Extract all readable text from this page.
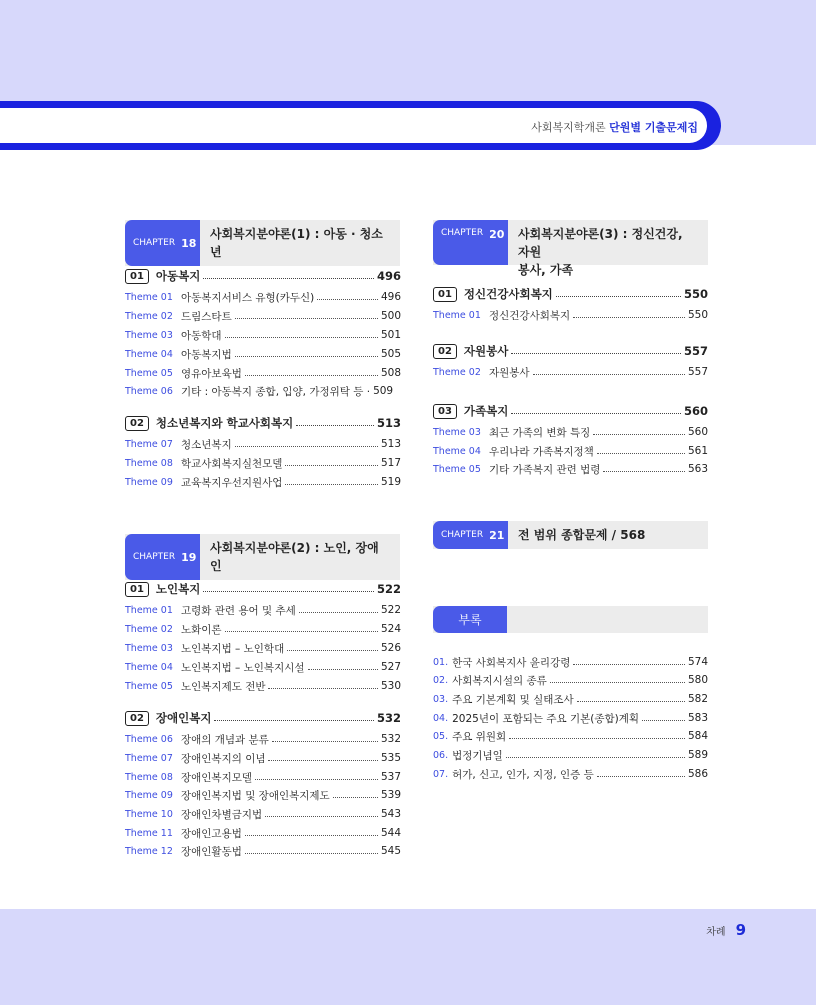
사회복지학개론 단원별 기출문제집
CHAPTER 18
사회복지분야론(1) : 아동 · 청소년
01	아동복지	496
Theme 01 아동복지서비스 유형(카두신)	496
Theme 02 드림스타트	500
Theme 03 아동학대	501
Theme 04 아동복지법	505
Theme 05 영유아보육법	508
Theme 06 기타 : 아동복지 종합, 입양, 가정위탁 등 · 509
02	청소년복지와 학교사회복지	513
Theme 07 청소년복지	513
Theme 08 학교사회복지실천모델	517
Theme 09 교육복지우선지원사업	519
CHAPTER 19
사회복지분야론(2) : 노인, 장애인
01	노인복지	522
Theme 01 고령화 관련 용어 및 추세	522
Theme 02 노화이론	524
Theme 03 노인복지법 – 노인학대	526
Theme 04 노인복지법 – 노인복지시설	527
Theme 05 노인복지제도 전반	530
02	장애인복지	532
Theme 06 장애의 개념과 분류	532
Theme 07 장애인복지의 이념	535
Theme 08 장애인복지모델	537
Theme 09 장애인복지법 및 장애인복지제도	539
Theme 10 장애인차별금지법	543
Theme 11 장애인고용법	544
Theme 12 장애인활동법	545
CHAPTER 20 사회복지분야론(3) : 정신건강, 자원
봉사, 가족
01	정신건강사회복지	550
Theme 01 정신건강사회복지	550
02	자원봉사	557
Theme 02 자원봉사	557
03	가족복지	560
Theme 03 최근 가족의 변화 특징	560
Theme 04 우리나라 가족복지정책	561
Theme 05 기타 가족복지 관련 법령	563
CHAPTER 21	전 범위 종합문제 / 568
부록
01. 한국 사회복지사 윤리강령	574
02. 사회복지시설의 종류	580
03. 주요 기본계획 및 실태조사	582
04. 2025년이 포함되는 주요 기본(종합)계획	583
05. 주요 위원회	584
06. 법정기념일	589
07. 허가, 신고, 인가, 지정, 인증 등	586
차례 9
